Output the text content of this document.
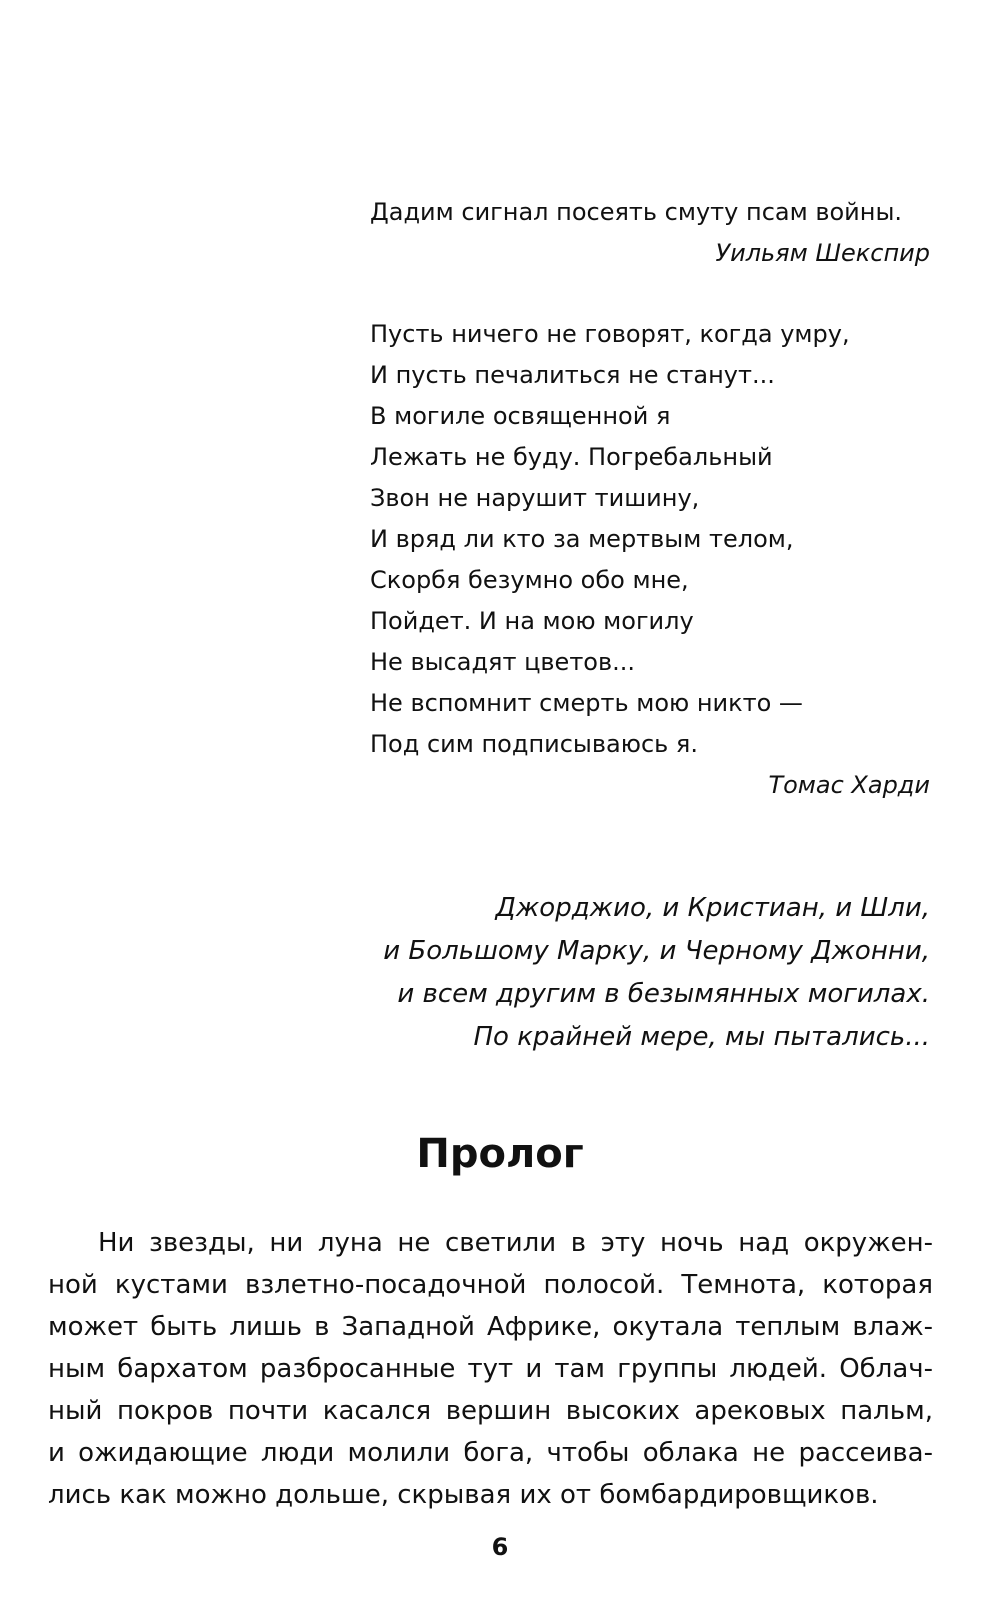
Дадим сигнал посеять смуту псам войны.
Уильям Шекспир
Пусть ничего не говорят, когда умру,
И пусть печалиться не станут...
В могиле освященной я
Лежать не буду. Погребальный
Звон не нарушит тишину,
И вряд ли кто за мертвым телом,
Скорбя безумно обо мне,
Пойдет. И на мою могилу
Не высадят цветов...
Не вспомнит смерть мою никто —
Под сим подписываюсь я.
Томас Харди
Джорджио, и Кристиан, и Шли,
и Большому Марку, и Черному Джонни,
и всем другим в безымянных могилах.
По крайней мере, мы пытались...
Пролог
Ни звезды, ни луна не светили в эту ночь над окружен-
ной кустами взлетно-посадочной полосой. Темнота, которая
может быть лишь в Западной Африке, окутала теплым влаж-
ным бархатом разбросанные тут и там группы людей. Облач-
ный покров почти касался вершин высоких арековых пальм,
и ожидающие люди молили бога, чтобы облака не рассеива-
лись как можно дольше, скрывая их от бомбардировщиков.
6
